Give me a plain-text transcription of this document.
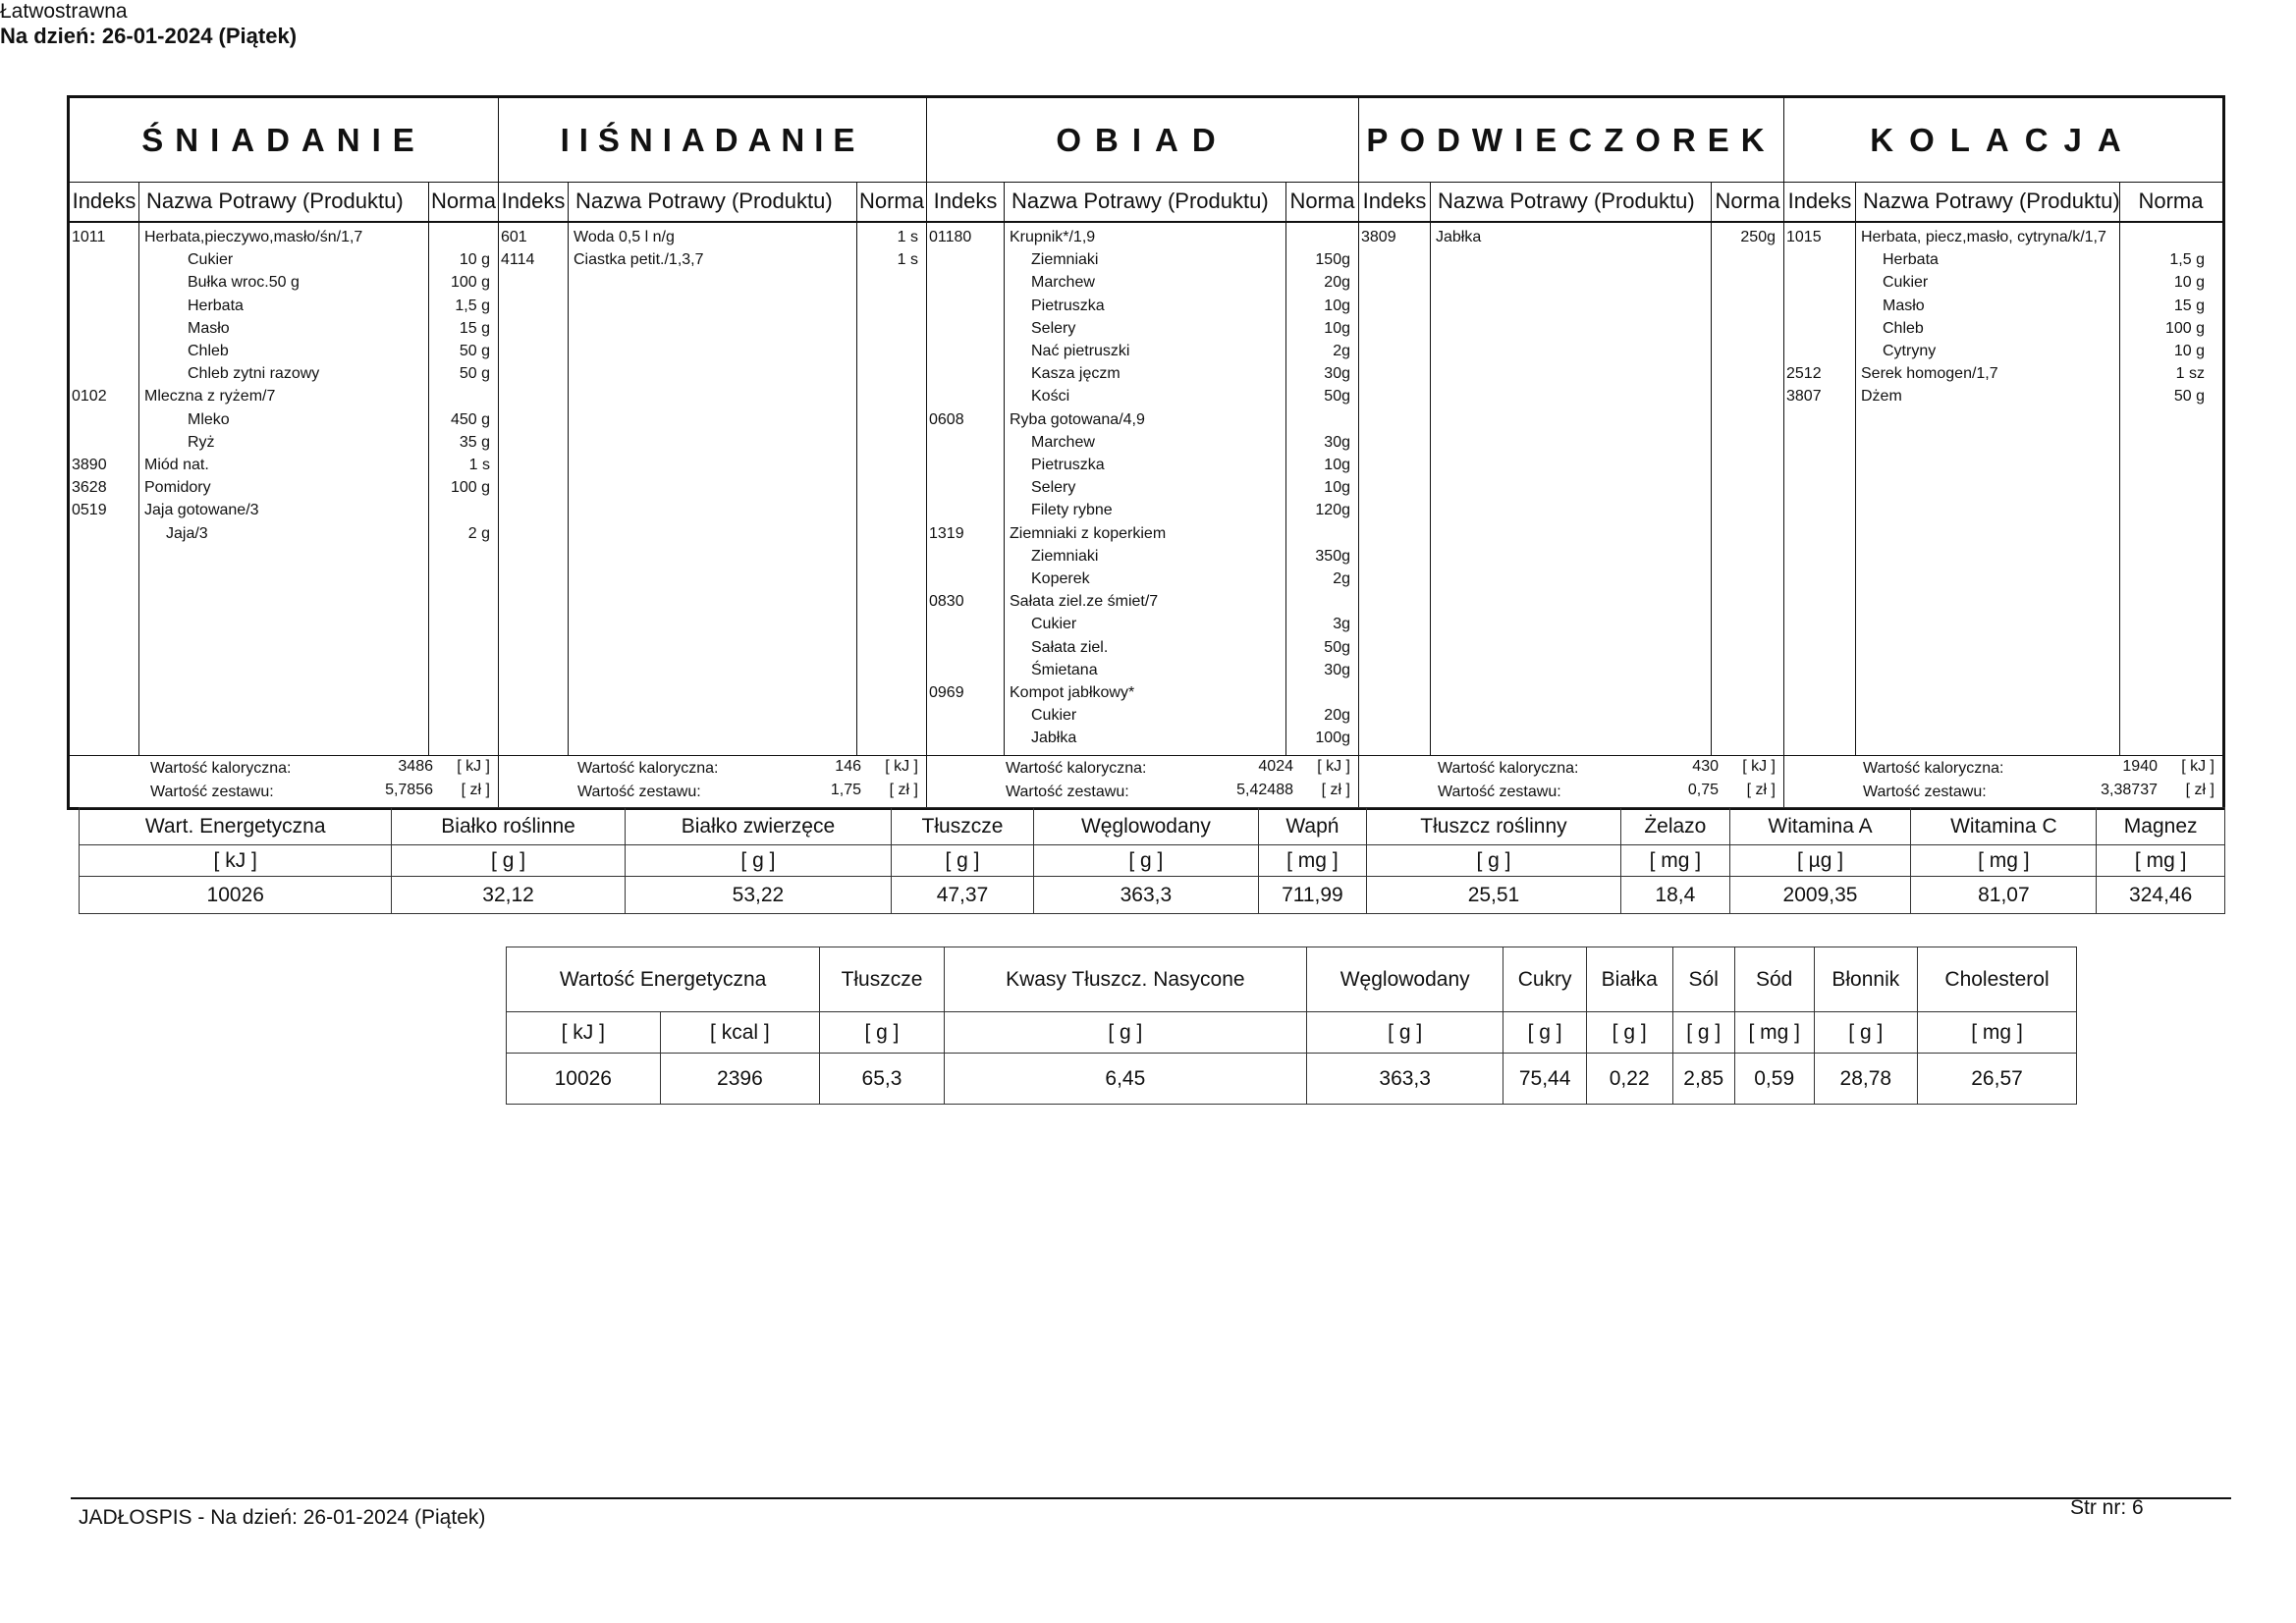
Łatwostrawna
Na dzień: 26-01-2024 (Piątek)
ŚNIADANIE
Indeks Nazwa Potrawy (Produktu)	Norma
1011 Herbata,pieczywo,masło/śn/1,7
Cukier	10 g
Bułka wroc.50 g	100 g
Herbata	1,5 g
Masło	15 g
Chleb	50 g
Chleb zytni razowy	50 g
0102 Mleczna z ryżem/7
Mleko	450 g
Ryż	35 g
3890 Miód nat.	1 s
3628 Pomidory	100 g
0519 Jaja gotowane/3
Jaja/3	2 g
Wartość kaloryczna:	3486 [ kJ ]
Wartość zestawu:	5,7856 [ zł ]
IIŚNIADANIE
Indeks Nazwa Potrawy (Produktu)	Norma
601	Woda 0,5 l n/g	1 s
4114 Ciastka petit./1,3,7	1 s
Wartość kaloryczna:	146 [ kJ ]
Wartość zestawu:	1,75 [ zł ]
OBIAD
Indeks Nazwa Potrawy (Produktu) Norma
01180 Krupnik*/1,9
Ziemniaki	150g
Marchew	20g
Pietruszka	10g
Selery	10g
Nać pietruszki	2g
Kasza jęczm	30g
Kości	50g
0608	Ryba gotowana/4,9
Marchew	30g
Pietruszka	10g
Selery	10g
Filety rybne	120g
1319	Ziemniaki z koperkiem
Ziemniaki	350g
Koperek	2g
0830	Sałata ziel.ze śmiet/7
Cukier	3g
Sałata ziel.	50g
Śmietana	30g
0969	Kompot jabłkowy*
Cukier	20g
Jabłka	100g
Wartość kaloryczna:	4024 [ kJ ]
Wartość zestawu:	5,42488 [ zł ]
PODWIECZOREK
Indeks Nazwa Potrawy (Produktu) Norma
3809	Jabłka	250g
Wartość kaloryczna:	430 [ kJ ]
Wartość zestawu:	0,75 [ zł ]
KOLACJA
Indeks Nazwa Potrawy (Produktu) Norma
1015	Herbata, piecz,masło, cytryna/k/1,7
Herbata	1,5 g
Cukier	10 g
Masło	15 g
Chleb	100 g
Cytryny	10 g
2512	Serek homogen/1,7	1 sz
3807	Dżem	50 g
Wartość kaloryczna:	1940 [ kJ ]
Wartość zestawu:	3,38737 [ zł ]
Wart. Energetyczna	Białko roślinne	Białko zwierzęce	Tłuszcze	Węglowodany	Wapń	Tłuszcz roślinny	Żelazo	Witamina A	Witamina C	Magnez
[ kJ ]	[ g ]	[ g ]	[ g ]	[ g ]	[ mg ]	[ g ]	[ mg ]	[ µg ]	[ mg ]	[ mg ]
10026	32,12	53,22	47,37	363,3	711,99	25,51	18,4	2009,35	81,07	324,46
Wartość Energetyczna		Tłuszcze	Kwasy Tłuszcz. Nasycone	Węglowodany	Cukry	Białka	Sól	Sód	Błonnik	Cholesterol
[ kJ ]	[ kcal ]	[ g ]	[ g ]	[ g ]	[ g ]	[ g ]	[ g ]	[ mg ]	[ g ]	[ mg ]
10026	2396	65,3	6,45	363,3	75,44	0,22	2,85	0,59	28,78	26,57
JADŁOSPIS - Na dzień: 26-01-2024 (Piątek)	Str nr: 6
